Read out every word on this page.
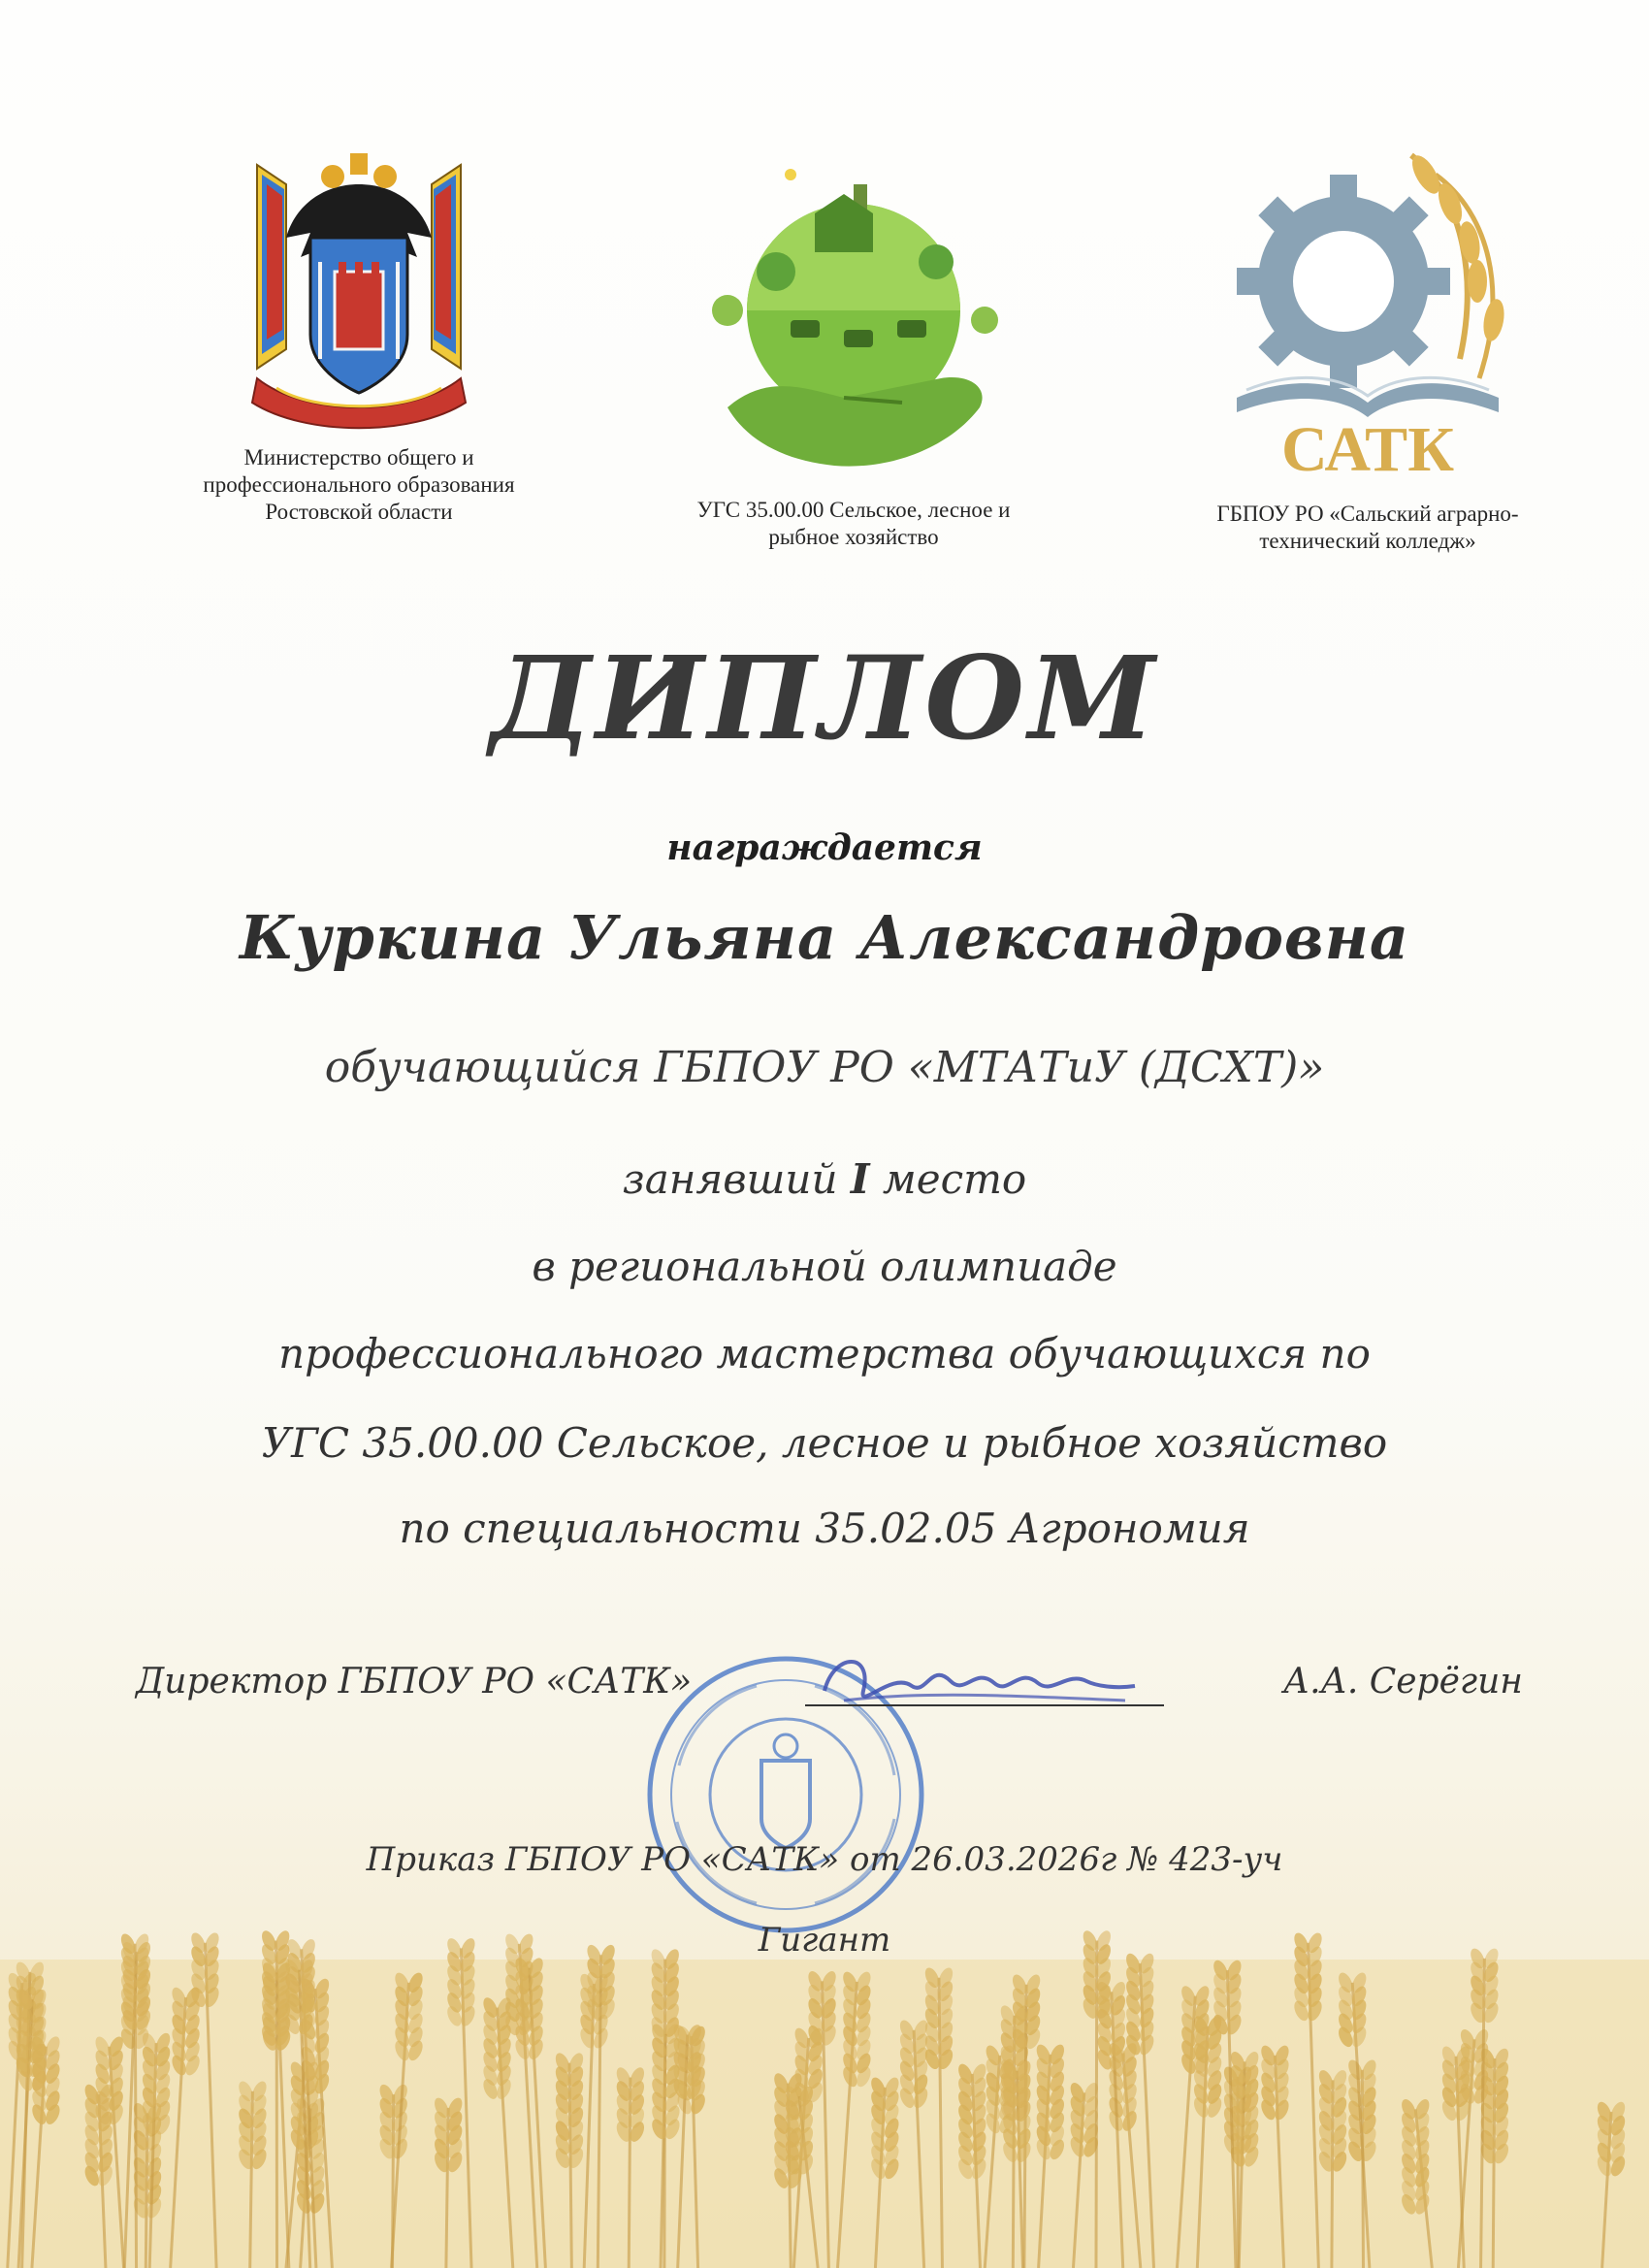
Министерство общего и
профессионального образования
Ростовской области	УГС 35.00.00 Сельское, лесное и
рыбное хозяйство
САТК
ГБПОУ РО «Сальский аграрно-
технический колледж»
ДИПЛОМ
награждается
Куркина Ульяна Александровна
обучающийся ГБПОУ РО «МТАТиУ (ДСХТ)»
занявший I место
в региональной олимпиаде
профессионального мастерства обучающихся по
УГС 35.00.00 Сельское, лесное и рыбное хозяйство
по специальности 35.02.05 Агрономия
Директор ГБПОУ РО «САТК»	А.А. Серёгин
Приказ ГБПОУ РО «САТК» от 26.03.2026г № 423-уч
Гигант
